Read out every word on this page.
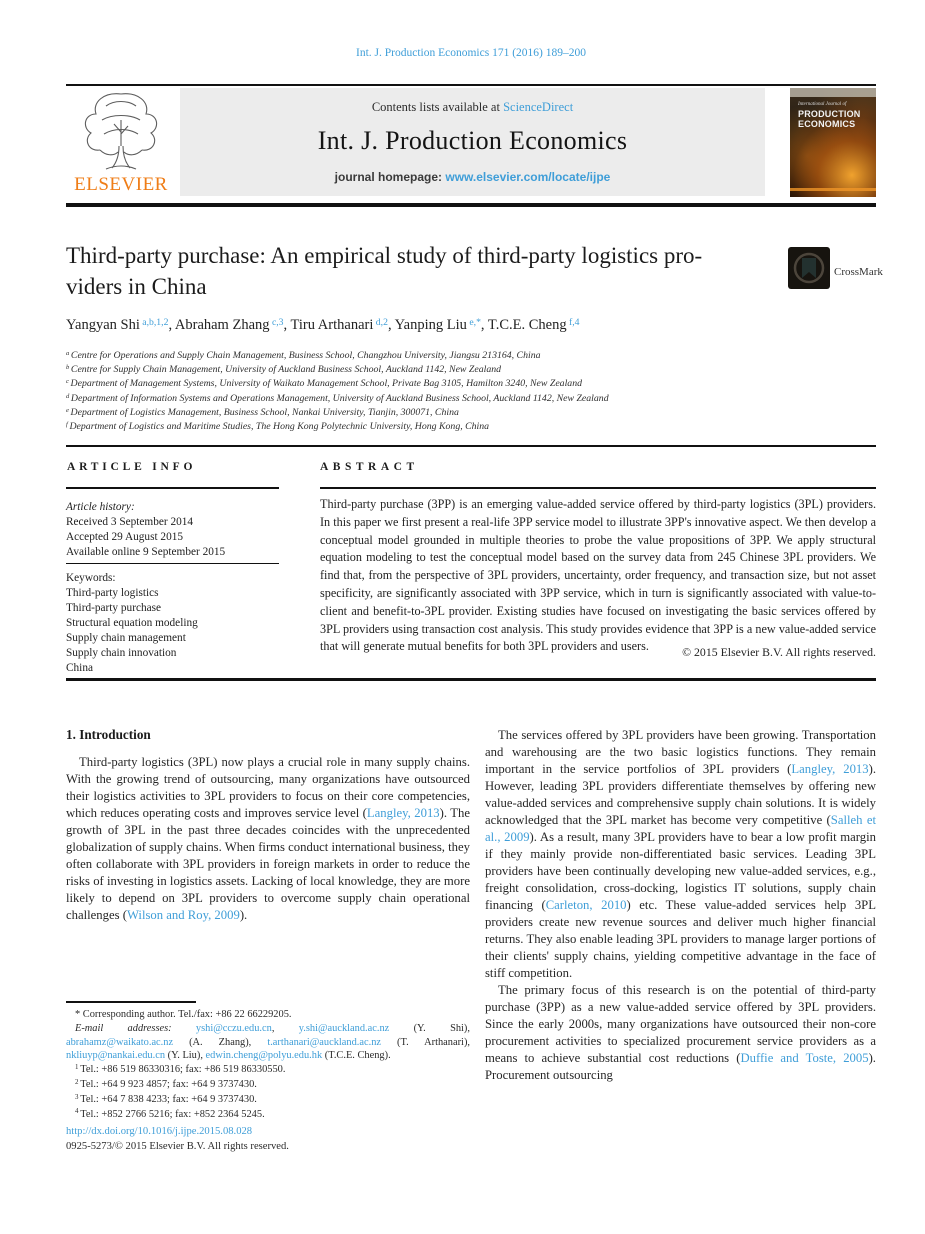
Int. J. Production Economics 171 (2016) 189–200
ELSEVIER
Contents lists available at ScienceDirect
Int. J. Production Economics
journal homepage: www.elsevier.com/locate/ijpe
International Journal of
PRODUCTION
ECONOMICS
Third-party purchase: An empirical study of third-party logistics pro-
viders in China
$^{CrossMark}$
Yangyan Shi $^{a,b,1,2}$, Abraham Zhang $^{c,3}$, Tiru Arthanari $^{d,2}$, Yanping Liu $^{e,*}$, T.C.E. Cheng $^{f,4}$

$^a$ Centre for Operations and Supply Chain Management, Business School, Changzhou University, Jiangsu 213164, China

$^b$ Centre for Supply Chain Management, University of Auckland Business School, Auckland 1142, New Zealand

$^c$ Department of Management Systems, University of Waikato Management School, Private Bag 3105, Hamilton 3240, New Zealand

$^d$ Department of Information Systems and Operations Management, University of Auckland Business School, Auckland 1142, New Zealand

$^e$ Department of Logistics Management, Business School, Nankai University, Tianjin, 300071, China

$^f$ Department of Logistics and Maritime Studies, The Hong Kong Polytechnic University, Hong Kong, China

ARTICLE INFO	ABSTRACT
Article history:
Received 3 September 2014
Accepted 29 August 2015
Available online 9 September 2015
Keywords:
Third-party logistics
Third-party purchase
Structural equation modeling
Supply chain management
Supply chain innovation
China
Third-party purchase (3PP) is an emerging value-added service offered by third-party logistics (3PL) providers. In this paper we first present a real-life 3PP service model to illustrate 3PP's innovative aspect. We then develop a conceptual model grounded in multiple theories to probe the value propositions of 3PP. We apply structural equation modeling to test the conceptual model based on the survey data from 245 Chinese 3PL providers. We find that, from the perspective of 3PL providers, uncertainty, order frequency, and transaction size, but not asset specificity, are significantly associated with 3PP service, which in turn is significantly associated with value-to-client and benefit-to-3PL provider. Existing studies have focused on investigating the basic services offered by 3PL providers using transaction cost analysis. This study provides evidence that 3PP is a new value-added service that will generate mutual benefits for both 3PL providers and users.	© 2015 Elsevier B.V. All rights reserved.
1. Introduction

Third-party logistics (3PL) now plays a crucial role in many supply chains. With the growing trend of outsourcing, many organizations have outsourced their logistics activities to 3PL providers to focus on their core competencies, which reduces operating costs and improves service level (Langley, 2013). The growth of 3PL in the past three decades coincides with the unprecedented globalization of supply chains. When firms conduct international business, they often collaborate with 3PL providers in foreign markets in order to reduce the risks of investing in logistics assets. Lacking of local knowledge, they are more likely to depend on 3PL providers to overcome supply chain operational challenges (Wilson and Roy, 2009).

The services offered by 3PL providers have been growing. Transportation and warehousing are the two basic logistics functions. They remain important in the service portfolios of 3PL providers (Langley, 2013). However, leading 3PL providers differentiate themselves by offering new value-added services and comprehensive supply chain solutions. It is widely acknowledged that the 3PL market has become very competitive (Salleh et al., 2009). As a result, many 3PL providers have to bear a low profit margin if they mainly provide non-differentiated basic services. Leading 3PL providers have been continually developing new value-added services, e.g., freight consolidation, cross-docking, logistics IT solutions, supply chain financing (Carleton, 2010) etc. These value-added services help 3PL providers create new revenue sources and deliver much higher financial returns. They also enable leading 3PL providers to manage larger portions of their clients' supply chains, yielding competitive advantage in the face of stiff competition.

The primary focus of this research is on the potential of third-party purchase (3PP) as a new value-added service offered by 3PL providers. Since the early 2000s, many organizations have outsourced their non-core procurement activities to specialized procurement service providers as a means to achieve substantial cost reductions (Duffie and Toste, 2005). Procurement outsourcing

* Corresponding author. Tel./fax: +86 22 66229205.

E-mail addresses: yshi@cczu.edu.cn, y.shi@auckland.ac.nz (Y. Shi), abrahamz@waikato.ac.nz (A. Zhang), t.arthanari@auckland.ac.nz (T. Arthanari), nkliuyp@nankai.edu.cn (Y. Liu), edwin.cheng@polyu.edu.hk (T.C.E. Cheng).

$^1$ Tel.: +86 519 86330316; fax: +86 519 86330550.

$^2$ Tel.: +64 9 923 4857; fax: +64 9 3737430.

$^3$ Tel.: +64 7 838 4233; fax: +64 9 3737430.

$^4$ Tel.: +852 2766 5216; fax: +852 2364 5245.

http://dx.doi.org/10.1016/j.ijpe.2015.08.028
0925-5273/© 2015 Elsevier B.V. All rights reserved.
